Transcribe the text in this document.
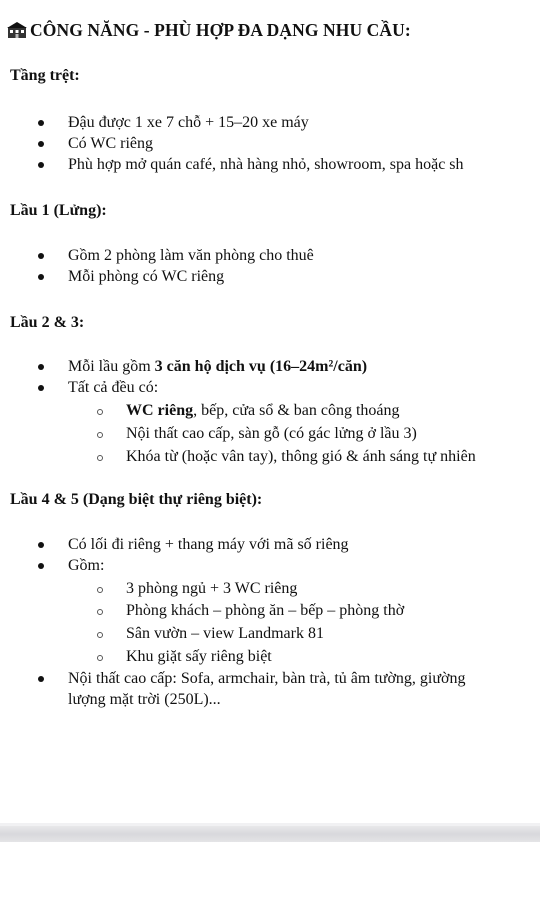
CÔNG NĂNG - PHÙ HỢP ĐA DẠNG NHU CẦU:
Tầng trệt:
Đậu được 1 xe 7 chỗ + 15–20 xe máy
Có WC riêng
Phù hợp mở quán café, nhà hàng nhỏ, showroom, spa hoặc sh
Lầu 1 (Lửng):
Gồm 2 phòng làm văn phòng cho thuê
Mỗi phòng có WC riêng
Lầu 2 & 3:
Mỗi lầu gồm 3 căn hộ dịch vụ (16–24m²/căn)
Tất cả đều có:
WC riêng, bếp, cửa sổ & ban công thoáng
Nội thất cao cấp, sàn gỗ (có gác lửng ở lầu 3)
Khóa từ (hoặc vân tay), thông gió & ánh sáng tự nhiên
Lầu 4 & 5 (Dạng biệt thự riêng biệt):
Có lối đi riêng + thang máy với mã số riêng
Gồm:
3 phòng ngủ + 3 WC riêng
Phòng khách – phòng ăn – bếp – phòng thờ
Sân vườn – view Landmark 81
Khu giặt sấy riêng biệt
Nội thất cao cấp: Sofa, armchair, bàn trà, tủ âm tường, giường
lượng mặt trời (250L)...
